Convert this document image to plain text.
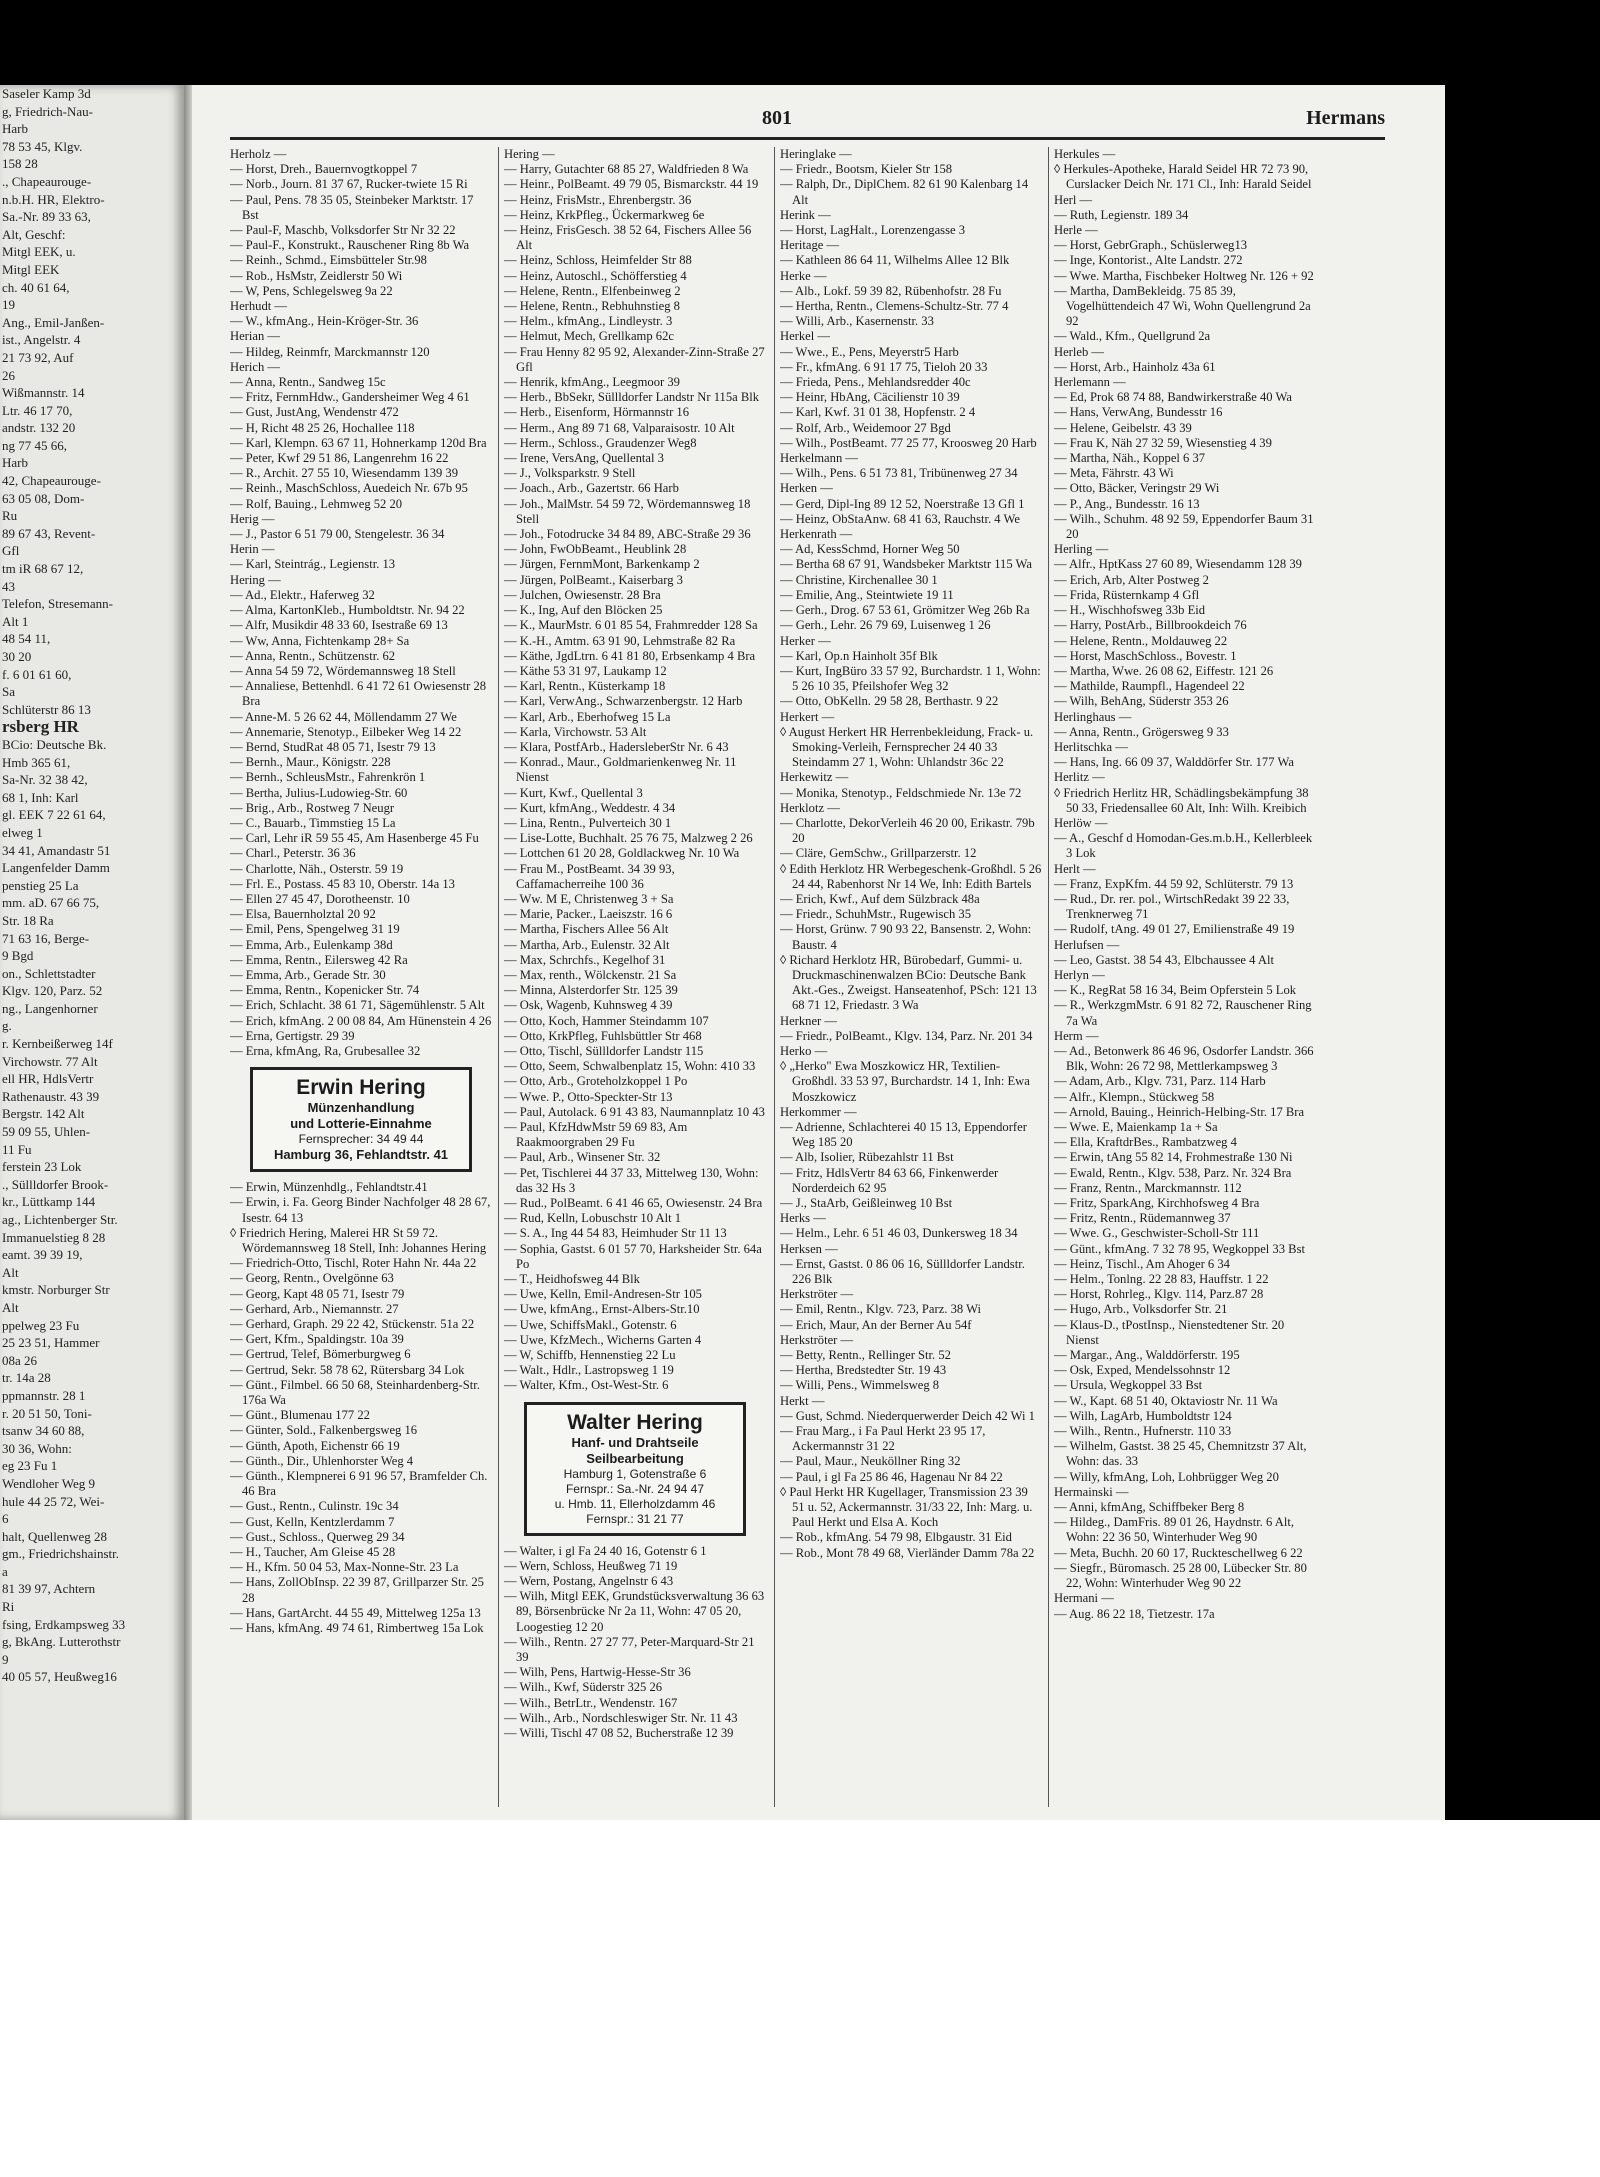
Saseler Kamp 3d
g, Friedrich-Nau-
Harb
78 53 45, Klgv.
158 28
., Chapeaurouge-
n.b.H. HR, Elektro-
Sa.-Nr. 89 33 63,
Alt, Geschf:
Mitgl EEK, u.
Mitgl EEK
ch. 40 61 64,
19
Ang., Emil-Janßen-
ist., Angelstr. 4
21 73 92, Auf
26
Wißmannstr. 14
Ltr. 46 17 70,
andstr. 132 20
ng 77 45 66,
Harb
42, Chapeaurouge-
63 05 08, Dom-
Ru
89 67 43, Revent-
Gfl
tm iR 68 67 12,
43
Telefon, Stresemann-
Alt 1
48 54 11,
30 20
f. 6 01 61 60,
Sa
Schlüterstr 86 13
rsberg HR
BCio: Deutsche Bk.
Hmb 365 61,
Sa-Nr. 32 38 42,
68 1, Inh: Karl
gl. EEK 7 22 61 64,
elweg 1
34 41, Amandastr 51
Langenfelder Damm
penstieg 25 La
mm. aD. 67 66 75,
Str. 18 Ra
71 63 16, Berge-
9 Bgd
on., Schlettstadter
Klgv. 120, Parz. 52
ng., Langenhorner
g.
r. Kernbeißerweg 14f
Virchowstr. 77 Alt
ell HR, HdlsVertr
Rathenaustr. 43 39
Bergstr. 142 Alt
59 09 55, Uhlen-
11 Fu
ferstein 23 Lok
., Süllldorfer Brook-
kr., Lüttkamp 144
ag., Lichtenberger Str.
Immanuelstieg 8 28
eamt. 39 39 19,
Alt
kmstr. Norburger Str
Alt
ppelweg 23 Fu
25 23 51, Hammer
08a 26
tr. 14a 28
ppmannstr. 28 1
r. 20 51 50, Toni-
tsanw 34 60 88,
30 36, Wohn:
eg 23 Fu 1
Wendloher Weg 9
hule 44 25 72, Wei-
6
halt, Quellenweg 28
gm., Friedrichshainstr.
a
81 39 97, Achtern
Ri
fsing, Erdkampsweg 33
g, BkAng. Lutterothstr
9
40 05 57, Heußweg16
801	Hermans
Herholz —
— Horst, Dreh., Bauernvogtkoppel 7
— Norb., Journ. 81 37 67, Rucker-twiete 15 Ri
— Paul, Pens. 78 35 05, Steinbeker Marktstr. 17 Bst
— Paul-F, Maschb, Volksdorfer Str Nr 32 22
— Paul-F., Konstrukt., Rauschener Ring 8b Wa
— Reinh., Schmd., Eimsbütteler Str.98
— Rob., HsMstr, Zeidlerstr 50 Wi
— W, Pens, Schlegelsweg 9a 22
Herhudt —
— W., kfmAng., Hein-Kröger-Str. 36
Herian —
— Hildeg, Reinmfr, Marckmannstr 120
Herich —
— Anna, Rentn., Sandweg 15c
— Fritz, FernmHdw., Gandersheimer Weg 4 61
— Gust, JustAng, Wendenstr 472
— H, Richt 48 25 26, Hochallee 118
— Karl, Klempn. 63 67 11, Hohnerkamp 120d Bra
— Peter, Kwf 29 51 86, Langenrehm 16 22
— R., Archit. 27 55 10, Wiesendamm 139 39
— Reinh., MaschSchloss, Auedeich Nr. 67b 95
— Rolf, Bauing., Lehmweg 52 20
Herig —
— J., Pastor 6 51 79 00, Stengelestr. 36 34
Herin —
— Karl, Steintrág., Legienstr. 13
Hering —
— Ad., Elektr., Haferweg 32
— Alma, KartonKleb., Humboldtstr. Nr. 94 22
— Alfr, Musikdir 48 33 60, Isestraße 69 13
— Ww, Anna, Fichtenkamp 28+ Sa
— Anna, Rentn., Schützenstr. 62
— Anna 54 59 72, Wördemannsweg 18 Stell
— Annaliese, Bettenhdl. 6 41 72 61 Owiesenstr 28 Bra
— Anne-M. 5 26 62 44, Möllendamm 27 We
— Annemarie, Stenotyp., Eilbeker Weg 14 22
— Bernd, StudRat 48 05 71, Isestr 79 13
— Bernh., Maur., Königstr. 228
— Bernh., SchleusMstr., Fahrenkrön 1
— Bertha, Julius-Ludowieg-Str. 60
— Brig., Arb., Rostweg 7 Neugr
— C., Bauarb., Timmstieg 15 La
— Carl, Lehr iR 59 55 45, Am Hasenberge 45 Fu
— Charl., Peterstr. 36 36
— Charlotte, Näh., Osterstr. 59 19
— Frl. E., Postass. 45 83 10, Oberstr. 14a 13
— Ellen 27 45 47, Dorotheenstr. 10
— Elsa, Bauernholztal 20 92
— Emil, Pens, Spengelweg 31 19
— Emma, Arb., Eulenkamp 38d
— Emma, Rentn., Eilersweg 42 Ra
— Emma, Arb., Gerade Str. 30
— Emma, Rentn., Kopenicker Str. 74
— Erich, Schlacht. 38 61 71, Sägemühlenstr. 5 Alt
— Erich, kfmAng. 2 00 08 84, Am Hünenstein 4 26
— Erna, Gertigstr. 29 39
— Erna, kfmAng, Ra, Grubesallee 32
Erwin Hering
Münzenhandlung
und Lotterie-Einnahme
Fernsprecher: 34 49 44
Hamburg 36, Fehlandtstr. 41
— Erwin, Münzenhdlg., Fehlandtstr.41
— Erwin, i. Fa. Georg Binder Nachfolger 48 28 67, Isestr. 64 13
◊ Friedrich Hering, Malerei HR St 59 72. Wördemannsweg 18 Stell, Inh: Johannes Hering
— Friedrich-Otto, Tischl, Roter Hahn Nr. 44a 22
— Georg, Rentn., Ovelgönne 63
— Georg, Kapt 48 05 71, Isestr 79
— Gerhard, Arb., Niemannstr. 27
— Gerhard, Graph. 29 22 42, Stückenstr. 51a 22
— Gert, Kfm., Spaldingstr. 10a 39
— Gertrud, Telef, Bömerburgweg 6
— Gertrud, Sekr. 58 78 62, Rütersbarg 34 Lok
— Günt., Filmbel. 66 50 68, Steinhardenberg-Str. 176a Wa
— Günt., Blumenau 177 22
— Günter, Sold., Falkenbergsweg 16
— Günth, Apoth, Eichenstr 66 19
— Günth., Dir., Uhlenhorster Weg 4
— Günth., Klempnerei 6 91 96 57, Bramfelder Ch. 46 Bra
— Gust., Rentn., Culinstr. 19c 34
— Gust, Kelln, Kentzlerdamm 7
— Gust., Schloss., Querweg 29 34
— H., Taucher, Am Gleise 45 28
— H., Kfm. 50 04 53, Max-Nonne-Str. 23 La
— Hans, ZollObInsp. 22 39 87, Grillparzer Str. 25 28
— Hans, GartArcht. 44 55 49, Mittelweg 125a 13
— Hans, kfmAng. 49 74 61, Rimbertweg 15a Lok
Hering —
— Harry, Gutachter 68 85 27, Waldfrieden 8 Wa
— Heinr., PolBeamt. 49 79 05, Bismarckstr. 44 19
— Heinz, FrisMstr., Ehrenbergstr. 36
— Heinz, KrkPfleg., Ückermarkweg 6e
— Heinz, FrisGesch. 38 52 64, Fischers Allee 56 Alt
— Heinz, Schloss, Heimfelder Str 88
— Heinz, Autoschl., Schöfferstieg 4
— Helene, Rentn., Elfenbeinweg 2
— Helene, Rentn., Rebhuhnstieg 8
— Helm., kfmAng., Lindleystr. 3
— Helmut, Mech, Grellkamp 62c
— Frau Henny 82 95 92, Alexander-Zinn-Straße 27 Gfl
— Henrik, kfmAng., Leegmoor 39
— Herb., BbSekr, Süllldorfer Landstr Nr 115a Blk
— Herb., Eisenform, Hörmannstr 16
— Herm., Ang 89 71 68, Valparaisostr. 10 Alt
— Herm., Schloss., Graudenzer Weg8
— Irene, VersAng, Quellental 3
— J., Volksparkstr. 9 Stell
— Joach., Arb., Gazertstr. 66 Harb
— Joh., MalMstr. 54 59 72, Wördemannsweg 18 Stell
— Joh., Fotodrucke 34 84 89, ABC-Straße 29 36
— John, FwObBeamt., Heublink 28
— Jürgen, FernmMont, Barkenkamp 2
— Jürgen, PolBeamt., Kaiserbarg 3
— Julchen, Owiesenstr. 28 Bra
— K., Ing, Auf den Blöcken 25
— K., MaurMstr. 6 01 85 54, Frahmredder 128 Sa
— K.-H., Amtm. 63 91 90, Lehmstraße 82 Ra
— Käthe, JgdLtrn. 6 41 81 80, Erbsenkamp 4 Bra
— Käthe 53 31 97, Laukamp 12
— Karl, Rentn., Küsterkamp 18
— Karl, VerwAng., Schwarzenbergstr. 12 Harb
— Karl, Arb., Eberhofweg 15 La
— Karla, Virchowstr. 53 Alt
— Klara, PostfArb., HadersleberStr Nr. 6 43
— Konrad., Maur., Goldmarienkenweg Nr. 11 Nienst
— Kurt, Kwf., Quellental 3
— Kurt, kfmAng., Weddestr. 4 34
— Lina, Rentn., Pulverteich 30 1
— Lise-Lotte, Buchhalt. 25 76 75, Malzweg 2 26
— Lottchen 61 20 28, Goldlackweg Nr. 10 Wa
— Frau M., PostBeamt. 34 39 93, Caffamacherreihe 100 36
— Ww. M E, Christenweg 3 + Sa
— Marie, Packer., Laeiszstr. 16 6
— Martha, Fischers Allee 56 Alt
— Martha, Arb., Eulenstr. 32 Alt
— Max, Schrchfs., Kegelhof 31
— Max, renth., Wölckenstr. 21 Sa
— Minna, Alsterdorfer Str. 125 39
— Osk, Wagenb, Kuhnsweg 4 39
— Otto, Koch, Hammer Steindamm 107
— Otto, KrkPfleg, Fuhlsbüttler Str 468
— Otto, Tischl, Süllldorfer Landstr 115
— Otto, Seem, Schwalbenplatz 15, Wohn: 410 33
— Otto, Arb., Groteholzkoppel 1 Po
— Wwe. P., Otto-Speckter-Str 13
— Paul, Autolack. 6 91 43 83, Naumannplatz 10 43
— Paul, KfzHdwMstr 59 69 83, Am Raakmoorgraben 29 Fu
— Paul, Arb., Winsener Str. 32
— Pet, Tischlerei 44 37 33, Mittelweg 130, Wohn: das 32 Hs 3
— Rud., PolBeamt. 6 41 46 65, Owiesenstr. 24 Bra
— Rud, Kelln, Lobuschstr 10 Alt 1
— S. A., Ing 44 54 83, Heimhuder Str 11 13
— Sophia, Gastst. 6 01 57 70, Harksheider Str. 64a Po
— T., Heidhofsweg 44 Blk
— Uwe, Kelln, Emil-Andresen-Str 105
— Uwe, kfmAng., Ernst-Albers-Str.10
— Uwe, SchiffsMakl., Gotenstr. 6
— Uwe, KfzMech., Wicherns Garten 4
— W, Schiffb, Hennenstieg 22 Lu
— Walt., Hdlr., Lastropsweg 1 19
— Walter, Kfm., Ost-West-Str. 6
Walter Hering
Hanf- und Drahtseile
Seilbearbeitung
Hamburg 1, Gotenstraße 6
Fernspr.: Sa.-Nr. 24 94 47
u. Hmb. 11, Ellerholzdamm 46
Fernspr.: 31 21 77
— Walter, i gl Fa 24 40 16, Gotenstr 6 1
— Wern, Schloss, Heußweg 71 19
— Wern, Postang, Angelnstr 6 43
— Wilh, Mitgl EEK, Grundstücksverwaltung 36 63 89, Börsenbrücke Nr 2a 11, Wohn: 47 05 20, Loogestieg 12 20
— Wilh., Rentn. 27 27 77, Peter-Marquard-Str 21 39
— Wilh, Pens, Hartwig-Hesse-Str 36
— Wilh., Kwf, Süderstr 325 26
— Wilh., BetrLtr., Wendenstr. 167
— Wilh., Arb., Nordschleswiger Str. Nr. 11 43
— Willi, Tischl 47 08 52, Bucherstraße 12 39
Heringlake —
— Friedr., Bootsm, Kieler Str 158
— Ralph, Dr., DiplChem. 82 61 90 Kalenbarg 14 Alt
Herink —
— Horst, LagHalt., Lorenzengasse 3
Heritage —
— Kathleen 86 64 11, Wilhelms Allee 12 Blk
Herke —
— Alb., Lokf. 59 39 82, Rübenhofstr. 28 Fu
— Hertha, Rentn., Clemens-Schultz-Str. 77 4
— Willi, Arb., Kasernenstr. 33
Herkel —
— Wwe., E., Pens, Meyerstr5 Harb
— Fr., kfmAng. 6 91 17 75, Tieloh 20 33
— Frieda, Pens., Mehlandsredder 40c
— Heinr, HbAng, Cäcilienstr 10 39
— Karl, Kwf. 31 01 38, Hopfenstr. 2 4
— Rolf, Arb., Weidemoor 27 Bgd
— Wilh., PostBeamt. 77 25 77, Kroosweg 20 Harb
Herkelmann —
— Wilh., Pens. 6 51 73 81, Tribünenweg 27 34
Herken —
— Gerd, Dipl-Ing 89 12 52, Noerstraße 13 Gfl 1
— Heinz, ObStaAnw. 68 41 63, Rauchstr. 4 We
Herkenrath —
— Ad, KessSchmd, Horner Weg 50
— Bertha 68 67 91, Wandsbeker Marktstr 115 Wa
— Christine, Kirchenallee 30 1
— Emilie, Ang., Steintwiete 19 11
— Gerh., Drog. 67 53 61, Grömitzer Weg 26b Ra
— Gerh., Lehr. 26 79 69, Luisenweg 1 26
Herker —
— Karl, Op.n Hainholt 35f Blk
— Kurt, IngBüro 33 57 92, Burchardstr. 1 1, Wohn: 5 26 10 35, Pfeilshofer Weg 32
— Otto, ObKelln. 29 58 28, Berthastr. 9 22
Herkert —
◊ August Herkert HR Herrenbekleidung, Frack- u. Smoking-Verleih, Fernsprecher 24 40 33 Steindamm 27 1, Wohn: Uhlandstr 36c 22
Herkewitz —
— Monika, Stenotyp., Feldschmiede Nr. 13e 72
Herklotz —
— Charlotte, DekorVerleih 46 20 00, Erikastr. 79b 20
— Cläre, GemSchw., Grillparzerstr. 12
◊ Edith Herklotz HR Werbegeschenk-Großhdl. 5 26 24 44, Rabenhorst Nr 14 We, Inh: Edith Bartels
— Erich, Kwf., Auf dem Sülzbrack 48a
— Friedr., SchuhMstr., Rugewisch 35
— Horst, Grünw. 7 90 93 22, Bansenstr. 2, Wohn: Baustr. 4
◊ Richard Herklotz HR, Bürobedarf, Gummi- u. Druckmaschinenwalzen BCio: Deutsche Bank Akt.-Ges., Zweigst. Hanseatenhof, PSch: 121 13 68 71 12, Friedastr. 3 Wa
Herkner —
— Friedr., PolBeamt., Klgv. 134, Parz. Nr. 201 34
Herko —
◊ „Herko" Ewa Moszkowicz HR, Textilien-Großhdl. 33 53 97, Burchardstr. 14 1, Inh: Ewa Moszkowicz
Herkommer —
— Adrienne, Schlachterei 40 15 13, Eppendorfer Weg 185 20
— Alb, Isolier, Rübezahlstr 11 Bst
— Fritz, HdlsVertr 84 63 66, Finkenwerder Norderdeich 62 95
— J., StaArb, Geißleinweg 10 Bst
Herks —
— Helm., Lehr. 6 51 46 03, Dunkersweg 18 34
Herksen —
— Ernst, Gastst. 0 86 06 16, Süllldorfer Landstr. 226 Blk
Herkströter —
— Emil, Rentn., Klgv. 723, Parz. 38 Wi
— Erich, Maur, An der Berner Au 54f
Herkströter —
— Betty, Rentn., Rellinger Str. 52
— Hertha, Bredstedter Str. 19 43
— Willi, Pens., Wimmelsweg 8
Herkt —
— Gust, Schmd. Niederquerwerder Deich 42 Wi 1
— Frau Marg., i Fa Paul Herkt 23 95 17, Ackermannstr 31 22
— Paul, Maur., Neuköllner Ring 32
— Paul, i gl Fa 25 86 46, Hagenau Nr 84 22
◊ Paul Herkt HR Kugellager, Transmission 23 39 51 u. 52, Ackermannstr. 31/33 22, Inh: Marg. u. Paul Herkt und Elsa A. Koch
— Rob., kfmAng. 54 79 98, Elbgaustr. 31 Eid
— Rob., Mont 78 49 68, Vierländer Damm 78a 22
Herkules —
◊ Herkules-Apotheke, Harald Seidel HR 72 73 90, Curslacker Deich Nr. 171 Cl., Inh: Harald Seidel
Herl —
— Ruth, Legienstr. 189 34
Herle —
— Horst, GebrGraph., Schüslerweg13
— Inge, Kontorist., Alte Landstr. 272
— Wwe. Martha, Fischbeker Holtweg Nr. 126 + 92
— Martha, DamBekleidg. 75 85 39, Vogelhüttendeich 47 Wi, Wohn Quellengrund 2a 92
— Wald., Kfm., Quellgrund 2a
Herleb —
— Horst, Arb., Hainholz 43a 61
Herlemann —
— Ed, Prok 68 74 88, Bandwirkerstraße 40 Wa
— Hans, VerwAng, Bundesstr 16
— Helene, Geibelstr. 43 39
— Frau K, Näh 27 32 59, Wiesenstieg 4 39
— Martha, Näh., Koppel 6 37
— Meta, Fährstr. 43 Wi
— Otto, Bäcker, Veringstr 29 Wi
— P., Ang., Bundesstr. 16 13
— Wilh., Schuhm. 48 92 59, Eppendorfer Baum 31 20
Herling —
— Alfr., HptKass 27 60 89, Wiesendamm 128 39
— Erich, Arb, Alter Postweg 2
— Frida, Rüsternkamp 4 Gfl
— H., Wischhofsweg 33b Eid
— Harry, PostArb., Billbrookdeich 76
— Helene, Rentn., Moldauweg 22
— Horst, MaschSchloss., Bovestr. 1
— Martha, Wwe. 26 08 62, Eiffestr. 121 26
— Mathilde, Raumpfl., Hagendeel 22
— Wilh, BehAng, Süderstr 353 26
Herlinghaus —
— Anna, Rentn., Grögersweg 9 33
Herlitschka —
— Hans, Ing. 66 09 37, Walddörfer Str. 177 Wa
Herlitz —
◊ Friedrich Herlitz HR, Schädlingsbekämpfung 38 50 33, Friedensallee 60 Alt, Inh: Wilh. Kreibich
Herlöw —
— A., Geschf d Homodan-Ges.m.b.H., Kellerbleek 3 Lok
Herlt —
— Franz, ExpKfm. 44 59 92, Schlüterstr. 79 13
— Rud., Dr. rer. pol., WirtschRedakt 39 22 33, Trenknerweg 71
— Rudolf, tAng. 49 01 27, Emilienstraße 49 19
Herlufsen —
— Leo, Gastst. 38 54 43, Elbchaussee 4 Alt
Herlyn —
— K., RegRat 58 16 34, Beim Opferstein 5 Lok
— R., WerkzgmMstr. 6 91 82 72, Rauschener Ring 7a Wa
Herm —
— Ad., Betonwerk 86 46 96, Osdorfer Landstr. 366 Blk, Wohn: 26 72 98, Mettlerkampsweg 3
— Adam, Arb., Klgv. 731, Parz. 114 Harb
— Alfr., Klempn., Stückweg 58
— Arnold, Bauing., Heinrich-Helbing-Str. 17 Bra
— Wwe. E, Maienkamp 1a + Sa
— Ella, KraftdrBes., Rambatzweg 4
— Erwin, tAng 55 82 14, Frohmestraße 130 Ni
— Ewald, Rentn., Klgv. 538, Parz. Nr. 324 Bra
— Franz, Rentn., Marckmannstr. 112
— Fritz, SparkAng, Kirchhofsweg 4 Bra
— Fritz, Rentn., Rüdemannweg 37
— Wwe. G., Geschwister-Scholl-Str 111
— Günt., kfmAng. 7 32 78 95, Wegkoppel 33 Bst
— Heinz, Tischl., Am Ahoger 6 34
— Helm., Tonlng. 22 28 83, Hauffstr. 1 22
— Horst, Rohrleg., Klgv. 114, Parz.87 28
— Hugo, Arb., Volksdorfer Str. 21
— Klaus-D., tPostInsp., Nienstedtener Str. 20 Nienst
— Margar., Ang., Walddörferstr. 195
— Osk, Exped, Mendelssohnstr 12
— Ursula, Wegkoppel 33 Bst
— W., Kapt. 68 51 40, Oktaviostr Nr. 11 Wa
— Wilh, LagArb, Humboldtstr 124
— Wilh., Rentn., Hufnerstr. 110 33
— Wilhelm, Gastst. 38 25 45, Chemnitzstr 37 Alt, Wohn: das. 33
— Willy, kfmAng, Loh, Lohbrügger Weg 20
Hermainski —
— Anni, kfmAng, Schiffbeker Berg 8
— Hildeg., DamFris. 89 01 26, Haydnstr. 6 Alt, Wohn: 22 36 50, Winterhuder Weg 90
— Meta, Buchh. 20 60 17, Ruckteschellweg 6 22
— Siegfr., Büromasch. 25 28 00, Lübecker Str. 80 22, Wohn: Winterhuder Weg 90 22
Hermani —
— Aug. 86 22 18, Tietzestr. 17a
